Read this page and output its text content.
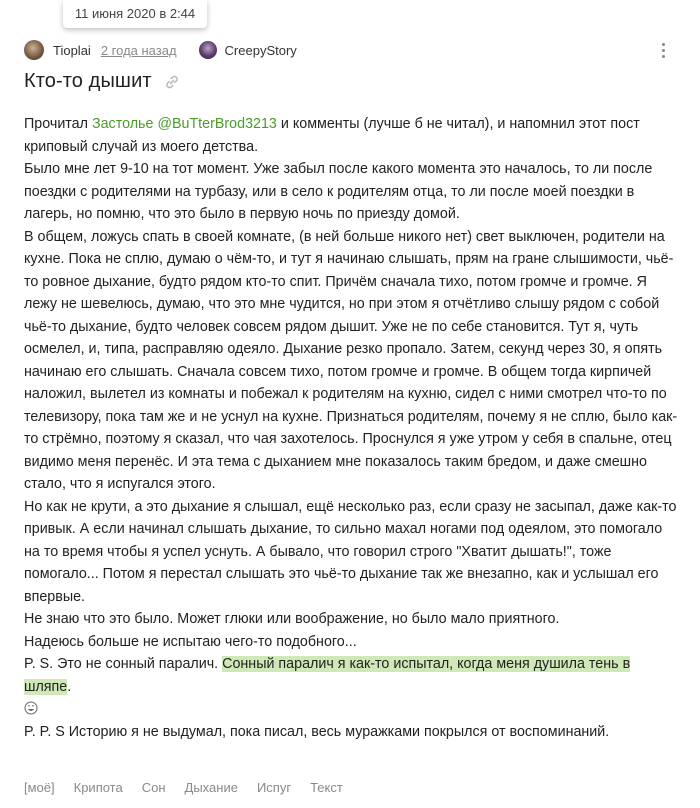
11 июня 2020 в 2:44
Tioplai 2 года назад	CreepyStory
Кто-то дышит

Прочитал Застолье @BuTterBrod3213 и комменты (лучше б не читал), и напомнил этот пост криповый случай из моего детства.

Было мне лет 9-10 на тот момент. Уже забыл после какого момента это началось, то ли после поездки с родителями на турбазу, или в село к родителям отца, то ли после моей поездки в лагерь, но помню, что это было в первую ночь по приезду домой.

В общем, ложусь спать в своей комнате, (в ней больше никого нет) свет выключен, родители на кухне. Пока не сплю, думаю о чём-то, и тут я начинаю слышать, прям на гране слышимости, чьё-то ровное дыхание, будто рядом кто-то спит. Причём сначала тихо, потом громче и громче. Я лежу не шевелюсь, думаю, что это мне чудится, но при этом я отчётливо слышу рядом с собой чьё-то дыхание, будто человек совсем рядом дышит. Уже не по себе становится. Тут я, чуть осмелел, и, типа, расправляю одеяло. Дыхание резко пропало. Затем, секунд через 30, я опять начинаю его слышать. Сначала совсем тихо, потом громче и громче. В общем тогда кирпичей наложил, вылетел из комнаты и побежал к родителям на кухню, сидел с ними смотрел что-то по телевизору, пока там же и не уснул на кухне. Признаться родителям, почему я не сплю, было как-то стрёмно, поэтому я сказал, что чая захотелось. Проснулся я уже утром у себя в спальне, отец видимо меня перенёс. И эта тема с дыханием мне показалось таким бредом, и даже смешно стало, что я испугался этого.

Но как не крути, а это дыхание я слышал, ещё несколько раз, если сразу не засыпал, даже как-то привык. А если начинал слышать дыхание, то сильно махал ногами под одеялом, это помогало на то время чтобы я успел уснуть. А бывало, что говорил строго "Хватит дышать!", тоже помогало... Потом я перестал слышать это чьё-то дыхание так же внезапно, как и услышал его впервые.

Не знаю что это было. Может глюки или воображение, но было мало приятного.

Надеюсь больше не испытаю чего-то подобного...

P. S. Это не сонный паралич. Сонный паралич я как-то испытал, когда меня душила тень в шляпе.

P. P. S Историю я не выдумал, пока писал, весь муражками покрылся от воспоминаний.

[моё] Крипота Сон Дыхание Испуг Текст
